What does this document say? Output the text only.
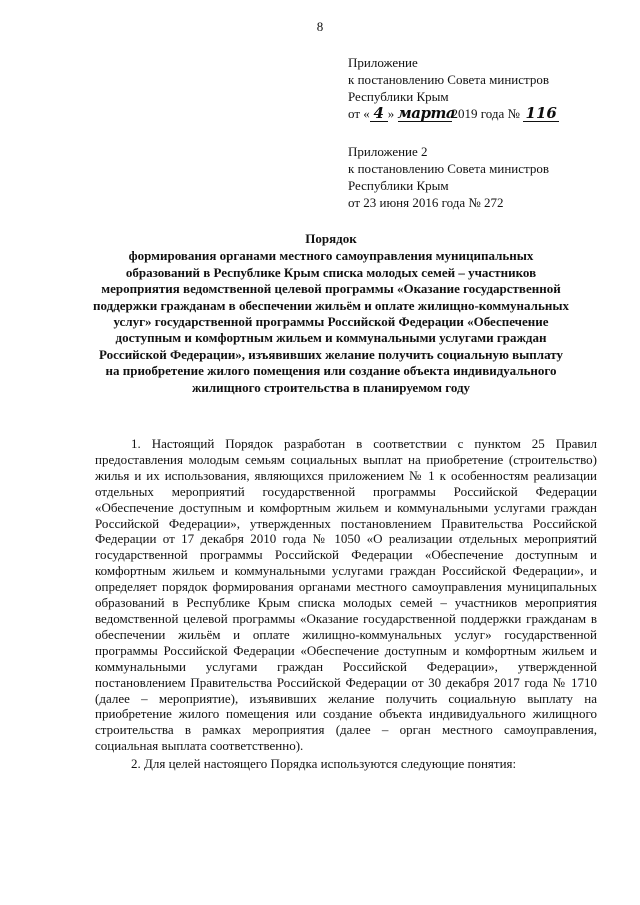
8
Приложение
к постановлению Совета министров
Республики Крым
от « 4 » марта2019 года № 116
Приложение 2
к постановлению Совета министров
Республики Крым
от 23 июня 2016 года № 272
Порядок
формирования органами местного самоуправления муниципальных образований в Республике Крым списка молодых семей – участников мероприятия ведомственной целевой программы «Оказание государственной поддержки гражданам в обеспечении жильём и оплате жилищно-коммунальных услуг» государственной программы Российской Федерации «Обеспечение доступным и комфортным жильем и коммунальными услугами граждан Российской Федерации», изъявивших желание получить социальную выплату на приобретение жилого помещения или создание объекта индивидуального жилищного строительства в планируемом году

1. Настоящий Порядок разработан в соответствии с пунктом 25 Правил предоставления молодым семьям социальных выплат на приобретение (строительство) жилья и их использования, являющихся приложением № 1 к особенностям реализации отдельных мероприятий государственной программы Российской Федерации «Обеспечение доступным и комфортным жильем и коммунальными услугами граждан Российской Федерации», утвержденных постановлением Правительства Российской Федерации от 17 декабря 2010 года № 1050 «О реализации отдельных мероприятий государственной программы Российской Федерации «Обеспечение доступным и комфортным жильем и коммунальными услугами граждан Российской Федерации», и определяет порядок формирования органами местного самоуправления муниципальных образований в Республике Крым списка молодых семей – участников мероприятия ведомственной целевой программы «Оказание государственной поддержки гражданам в обеспечении жильём и оплате жилищно-коммунальных услуг» государственной программы Российской Федерации «Обеспечение доступным и комфортным жильем и коммунальными услугами граждан Российской Федерации», утвержденной постановлением Правительства Российской Федерации от 30 декабря 2017 года № 1710 (далее – мероприятие), изъявивших желание получить социальную выплату на приобретение жилого помещения или создание объекта индивидуального жилищного строительства в рамках мероприятия (далее – орган местного самоуправления, социальная выплата соответственно).

2. Для целей настоящего Порядка используются следующие понятия:
